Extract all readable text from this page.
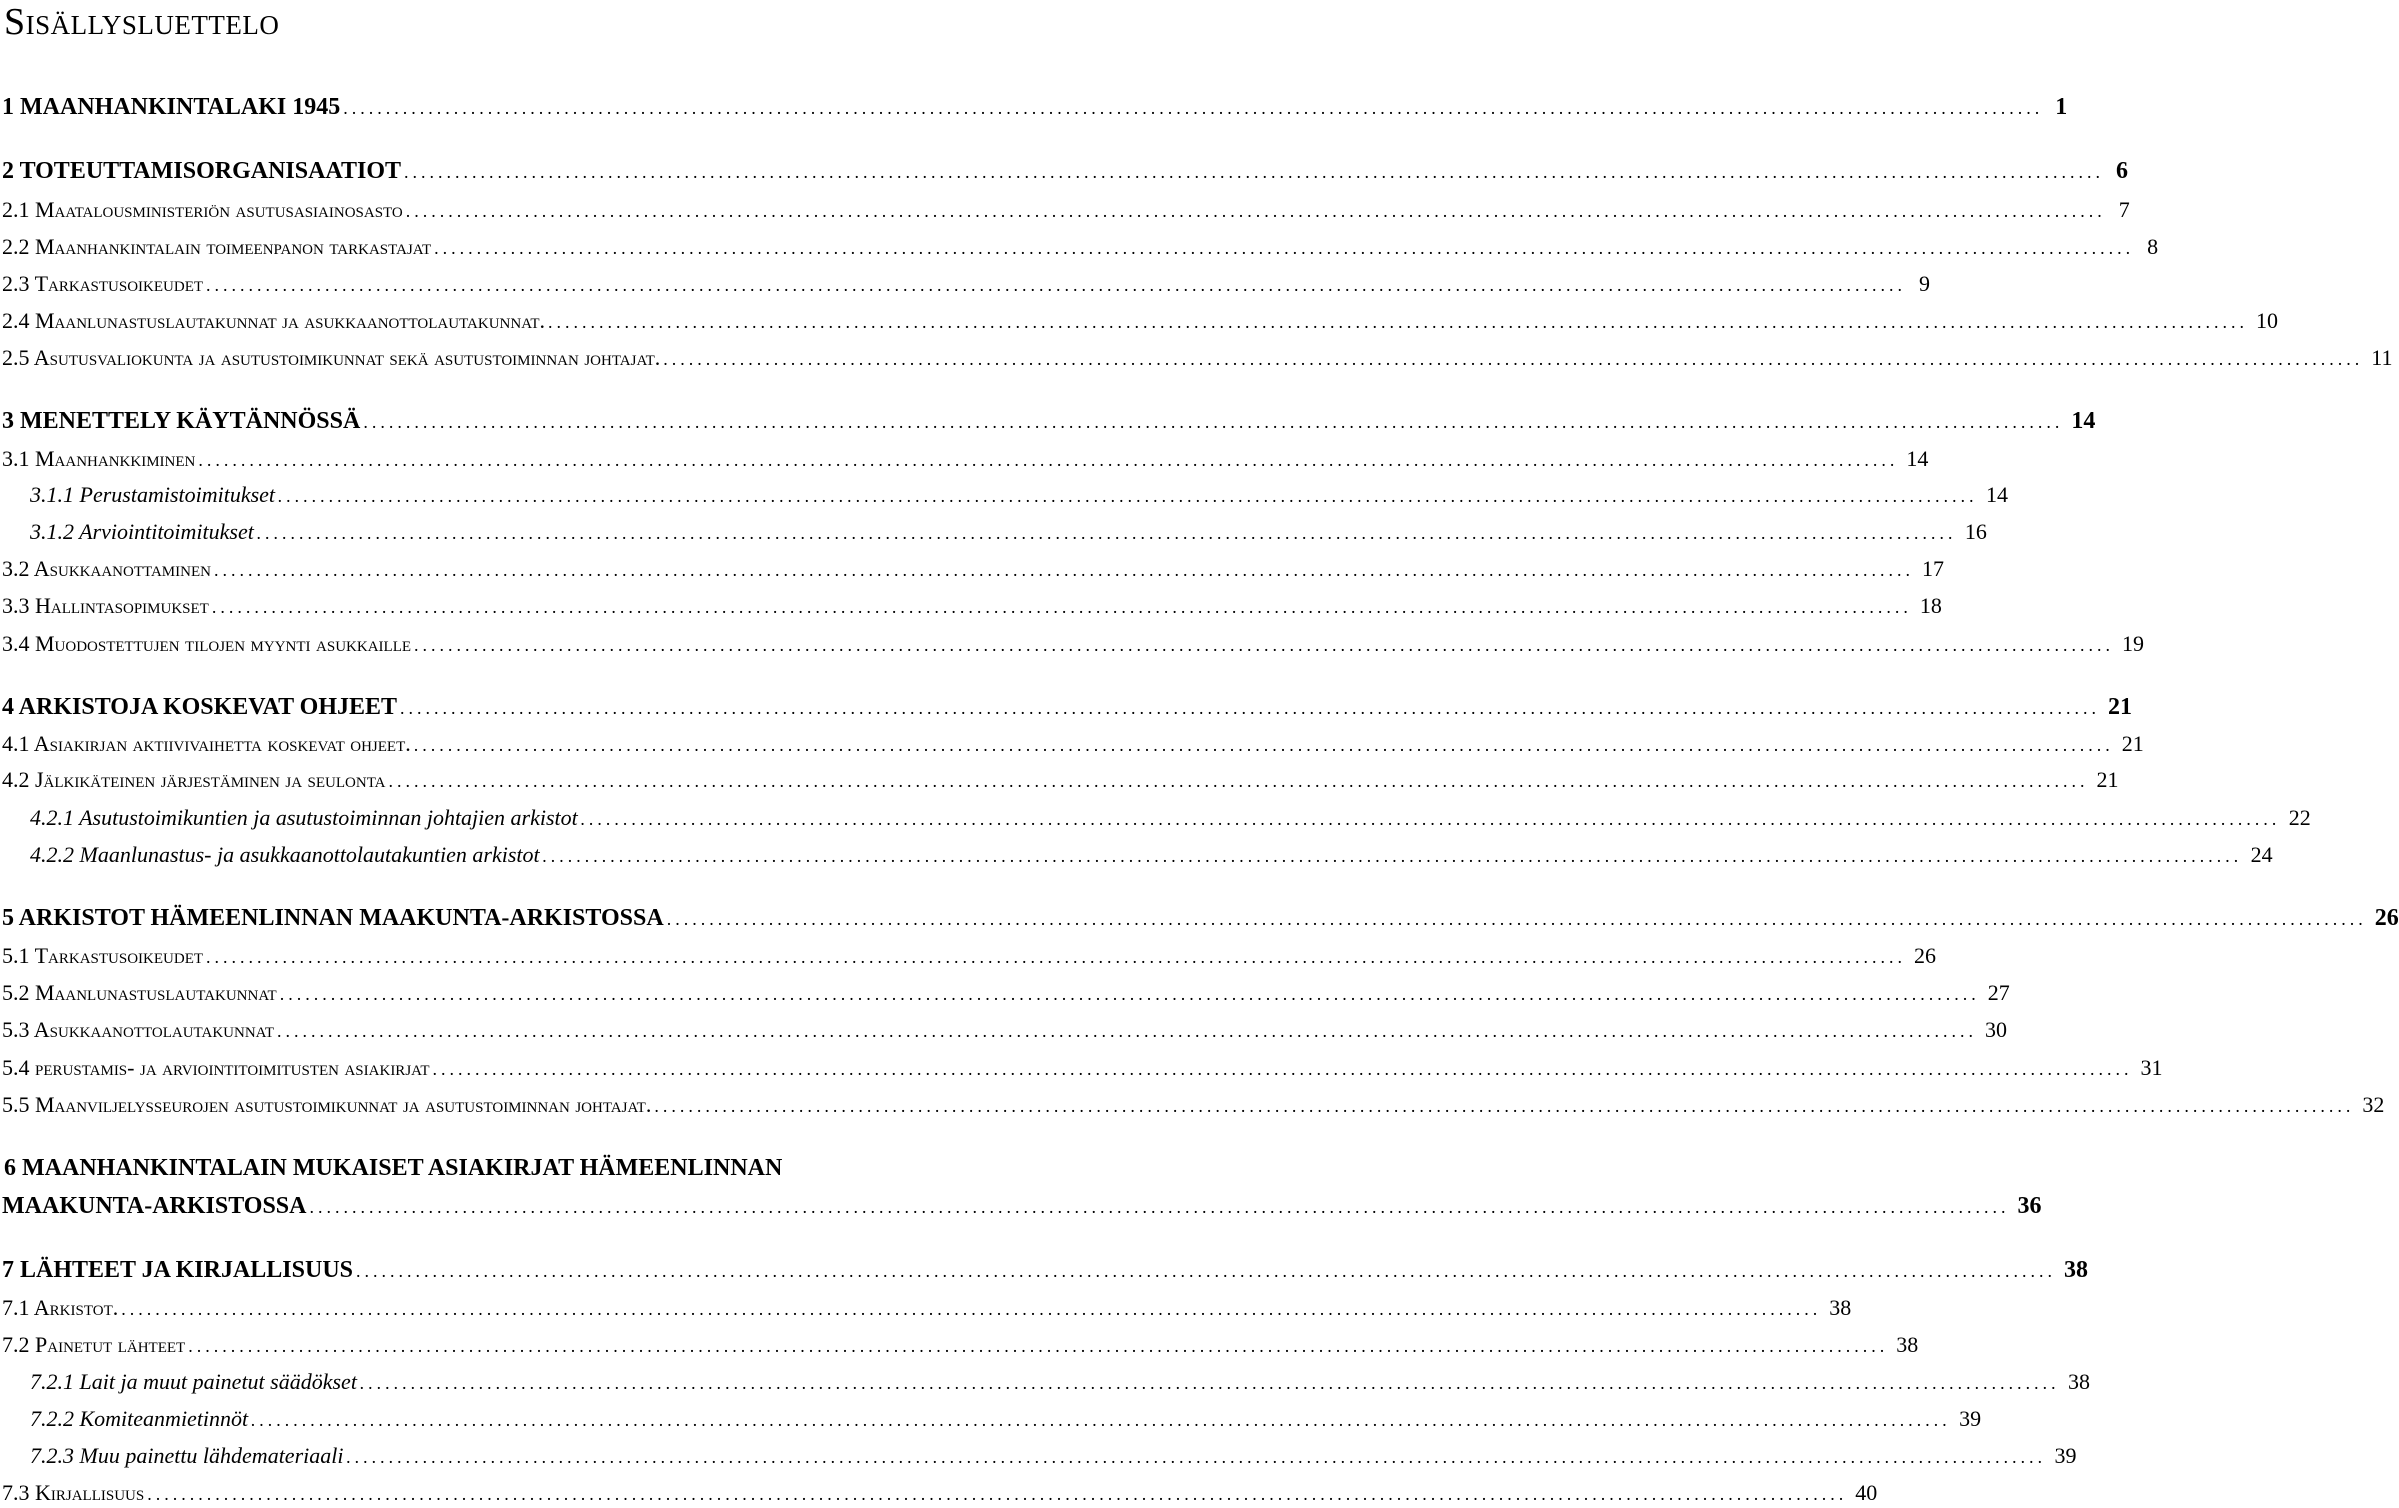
Sisällysluettelo
1 MAANHANKINTALAKI 1945 ........................................................................................................................................................................................................ 1
2 TOTEUTTAMISORGANISAATIOT ........................................................................................................................................................................................................ 6
2.1 Maatalousministeriön asutusasiainosasto ........................................................................................................................................................................................................ 7
2.2 Maanhankintalain toimeenpanon tarkastajat ........................................................................................................................................................................................................ 8
2.3 Tarkastusoikeudet ........................................................................................................................................................................................................ 9
2.4 Maanlunastuslautakunnat ja asukkaanottolautakunnat. ........................................................................................................................................................................................................ 10
2.5 Asutusvaliokunta ja asutustoimikunnat sekä asutustoiminnan johtajat. ........................................................................................................................................................................................................ 11
3 MENETTELY KÄYTÄNNÖSSÄ ........................................................................................................................................................................................................ 14
3.1 Maanhankkiminen ........................................................................................................................................................................................................ 14
3.1.1 Perustamistoimitukset ........................................................................................................................................................................................................ 14
3.1.2 Arviointitoimitukset ........................................................................................................................................................................................................ 16
3.2 Asukkaanottaminen ........................................................................................................................................................................................................ 17
3.3 Hallintasopimukset ........................................................................................................................................................................................................ 18
3.4 Muodostettujen tilojen myynti asukkaille ........................................................................................................................................................................................................ 19
4 ARKISTOJA KOSKEVAT OHJEET ........................................................................................................................................................................................................ 21
4.1 Asiakirjan aktiivivaihetta koskevat ohjeet. ........................................................................................................................................................................................................ 21
4.2 Jälkikäteinen järjestäminen ja seulonta ........................................................................................................................................................................................................ 21
4.2.1 Asutustoimikuntien ja asutustoiminnan johtajien arkistot ........................................................................................................................................................................................................ 22
4.2.2 Maanlunastus- ja asukkaanottolautakuntien arkistot ........................................................................................................................................................................................................ 24
5 ARKISTOT HÄMEENLINNAN MAAKUNTA-ARKISTOSSA ........................................................................................................................................................................................................ 26
5.1 Tarkastusoikeudet ........................................................................................................................................................................................................ 26
5.2 Maanlunastuslautakunnat ........................................................................................................................................................................................................ 27
5.3 Asukkaanottolautakunnat ........................................................................................................................................................................................................ 30
5.4 perustamis- ja arviointitoimitusten asiakirjat ........................................................................................................................................................................................................ 31
5.5 Maanviljelysseurojen asutustoimikunnat ja asutustoiminnan johtajat. ........................................................................................................................................................................................................ 32
6 MAANHANKINTALAIN MUKAISET ASIAKIRJAT HÄMEENLINNAN
MAAKUNTA-ARKISTOSSA ........................................................................................................................................................................................................ 36
7 LÄHTEET JA KIRJALLISUUS ........................................................................................................................................................................................................ 38
7.1 Arkistot. ........................................................................................................................................................................................................ 38
7.2 Painetut lähteet ........................................................................................................................................................................................................ 38
7.2.1 Lait ja muut painetut säädökset ........................................................................................................................................................................................................ 38
7.2.2 Komiteanmietinnöt ........................................................................................................................................................................................................ 39
7.2.3 Muu painettu lähdemateriaali ........................................................................................................................................................................................................ 39
7.3 Kirjallisuus ........................................................................................................................................................................................................ 40
